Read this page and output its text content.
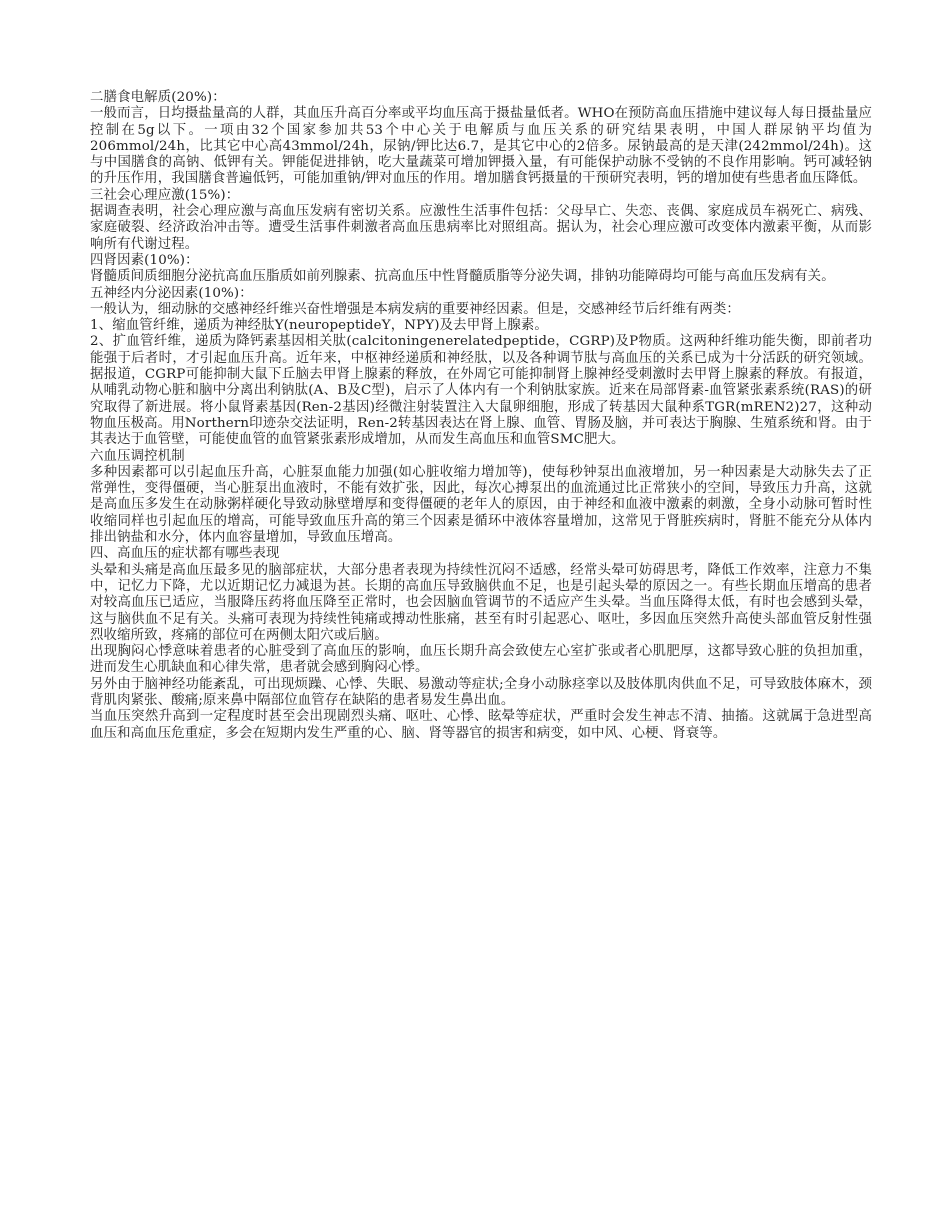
二膳食电解质(20%)：

一般而言，日均摄盐量高的人群，其血压升高百分率或平均血压高于摄盐量低者。WHO在预防高血压措施中建议每人每日摄盐量应控制在5g以下。一项由32个国家参加共53个中心关于电解质与血压关系的研究结果表明，中国人群尿钠平均值为206mmol/24h，比其它中心高43mmol/24h，尿钠/钾比达6.7，是其它中心的2倍多。尿钠最高的是天津(242mmol/24h)。这与中国膳食的高钠、低钾有关。钾能促进排钠，吃大量蔬菜可增加钾摄入量，有可能保护动脉不受钠的不良作用影响。钙可减轻钠的升压作用，我国膳食普遍低钙，可能加重钠/钾对血压的作用。增加膳食钙摄量的干预研究表明，钙的增加使有些患者血压降低。

三社会心理应激(15%)：

据调查表明，社会心理应激与高血压发病有密切关系。应激性生活事件包括：父母早亡、失恋、丧偶、家庭成员车祸死亡、病残、家庭破裂、经济政治冲击等。遭受生活事件刺激者高血压患病率比对照组高。据认为，社会心理应激可改变体内激素平衡，从而影响所有代谢过程。

四肾因素(10%)：

肾髓质间质细胞分泌抗高血压脂质如前列腺素、抗高血压中性肾髓质脂等分泌失调，排钠功能障碍均可能与高血压发病有关。

五神经内分泌因素(10%)：

一般认为，细动脉的交感神经纤维兴奋性增强是本病发病的重要神经因素。但是，交感神经节后纤维有两类：

1、缩血管纤维，递质为神经肽Y(neuropeptideY，NPY)及去甲肾上腺素。

2、扩血管纤维，递质为降钙素基因相关肽(calcitoningenerelatedpeptide，CGRP)及P物质。这两种纤维功能失衡，即前者功能强于后者时，才引起血压升高。近年来，中枢神经递质和神经肽，以及各种调节肽与高血压的关系已成为十分活跃的研究领域。据报道，CGRP可能抑制大鼠下丘脑去甲肾上腺素的释放，在外周它可能抑制肾上腺神经受刺激时去甲肾上腺素的释放。有报道，从哺乳动物心脏和脑中分离出利钠肽(A、B及C型)，启示了人体内有一个利钠肽家族。近来在局部肾素-血管紧张素系统(RAS)的研究取得了新进展。将小鼠肾素基因(Ren-2基因)经微注射装置注入大鼠卵细胞，形成了转基因大鼠种系TGR(mREN2)27，这种动物血压极高。用Northern印迹杂交法证明，Ren-2转基因表达在肾上腺、血管、胃肠及脑，并可表达于胸腺、生殖系统和肾。由于其表达于血管壁，可能使血管的血管紧张素形成增加，从而发生高血压和血管SMC肥大。

六血压调控机制

多种因素都可以引起血压升高，心脏泵血能力加强(如心脏收缩力增加等)，使每秒钟泵出血液增加，另一种因素是大动脉失去了正常弹性，变得僵硬，当心脏泵出血液时，不能有效扩张，因此，每次心搏泵出的血流通过比正常狭小的空间，导致压力升高，这就是高血压多发生在动脉粥样硬化导致动脉壁增厚和变得僵硬的老年人的原因，由于神经和血液中激素的刺激，全身小动脉可暂时性收缩同样也引起血压的增高，可能导致血压升高的第三个因素是循环中液体容量增加，这常见于肾脏疾病时，肾脏不能充分从体内排出钠盐和水分，体内血容量增加，导致血压增高。

四、高血压的症状都有哪些表现

头晕和头痛是高血压最多见的脑部症状，大部分患者表现为持续性沉闷不适感，经常头晕可妨碍思考，降低工作效率，注意力不集中，记忆力下降，尤以近期记忆力减退为甚。长期的高血压导致脑供血不足，也是引起头晕的原因之一。有些长期血压增高的患者对较高血压已适应，当服降压药将血压降至正常时，也会因脑血管调节的不适应产生头晕。当血压降得太低，有时也会感到头晕，这与脑供血不足有关。头痛可表现为持续性钝痛或搏动性胀痛，甚至有时引起恶心、呕吐，多因血压突然升高使头部血管反射性强烈收缩所致，疼痛的部位可在两侧太阳穴或后脑。

出现胸闷心悸意味着患者的心脏受到了高血压的影响，血压长期升高会致使左心室扩张或者心肌肥厚，这都导致心脏的负担加重，进而发生心肌缺血和心律失常，患者就会感到胸闷心悸。

另外由于脑神经功能紊乱，可出现烦躁、心悸、失眠、易激动等症状;全身小动脉痉挛以及肢体肌肉供血不足，可导致肢体麻木，颈背肌肉紧张、酸痛;原来鼻中隔部位血管存在缺陷的患者易发生鼻出血。

当血压突然升高到一定程度时甚至会出现剧烈头痛、呕吐、心悸、眩晕等症状，严重时会发生神志不清、抽搐。这就属于急进型高血压和高血压危重症，多会在短期内发生严重的心、脑、肾等器官的损害和病变，如中风、心梗、肾衰等。
